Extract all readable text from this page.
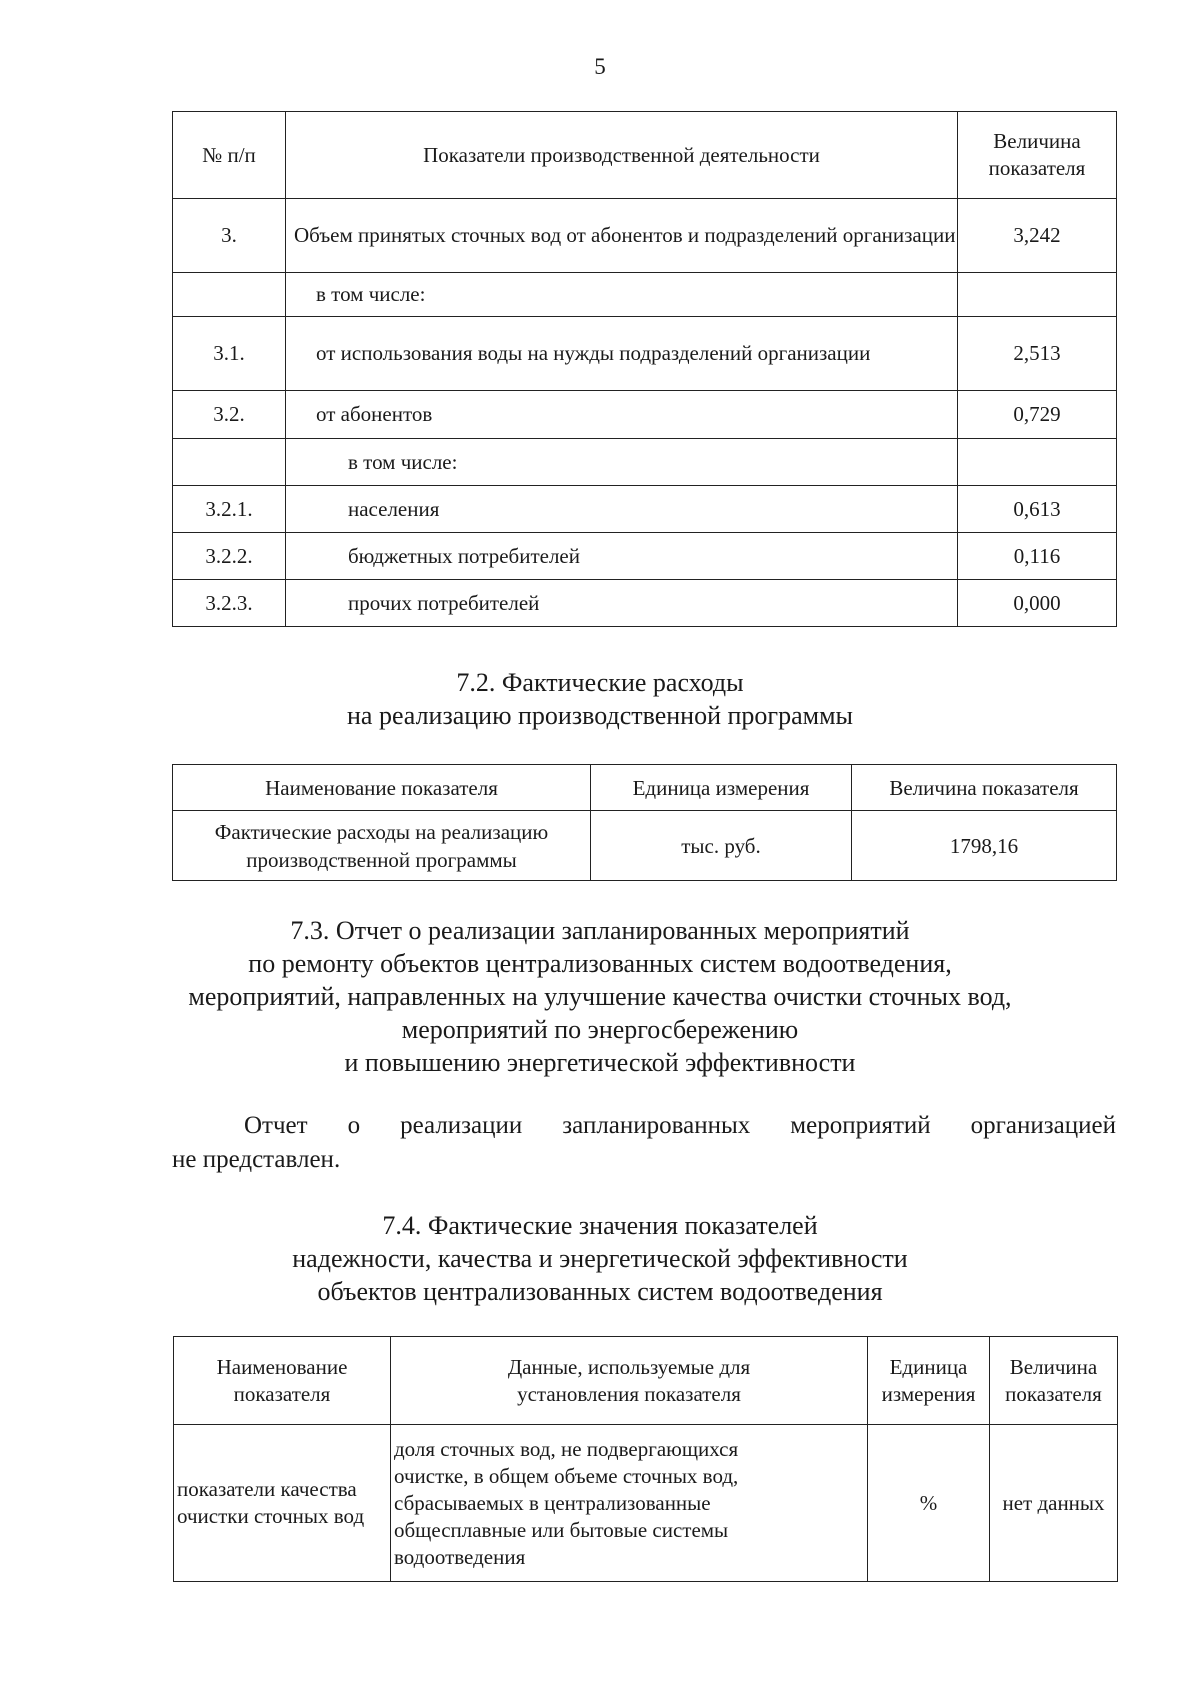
5
№ п/п	Показатели производственной деятельности	Величина показателя
3.	Объем принятых сточных вод от абонентов и подразделений организации	3,242
	в том числе:	
3.1.	от использования воды на нужды подразделений организации	2,513
3.2.	от абонентов	0,729
	в том числе:	
3.2.1.	населения	0,613
3.2.2.	бюджетных потребителей	0,116
3.2.3.	прочих потребителей	0,000
7.2. Фактические расходы
на реализацию производственной программы
Наименование показателя	Единица измерения	Величина показателя
Фактические расходы на реализацию производственной программы	тыс. руб.	1798,16
7.3. Отчет о реализации запланированных мероприятий
по ремонту объектов централизованных систем водоотведения,
мероприятий, направленных на улучшение качества очистки сточных вод,
мероприятий по энергосбережению
и повышению энергетической эффективности
Отчет о реализации запланированных мероприятий организацией
не представлен.
7.4. Фактические значения показателей
надежности, качества и энергетической эффективности
объектов централизованных систем водоотведения
Наименование показателя	Данные, используемые для установления показателя	Единица измерения	Величина показателя
показатели качества очистки сточных вод	доля сточных вод, не подвергающихся очистке, в общем объеме сточных вод, сбрасываемых в централизованные общесплавные или бытовые системы водоотведения	%	нет данных
